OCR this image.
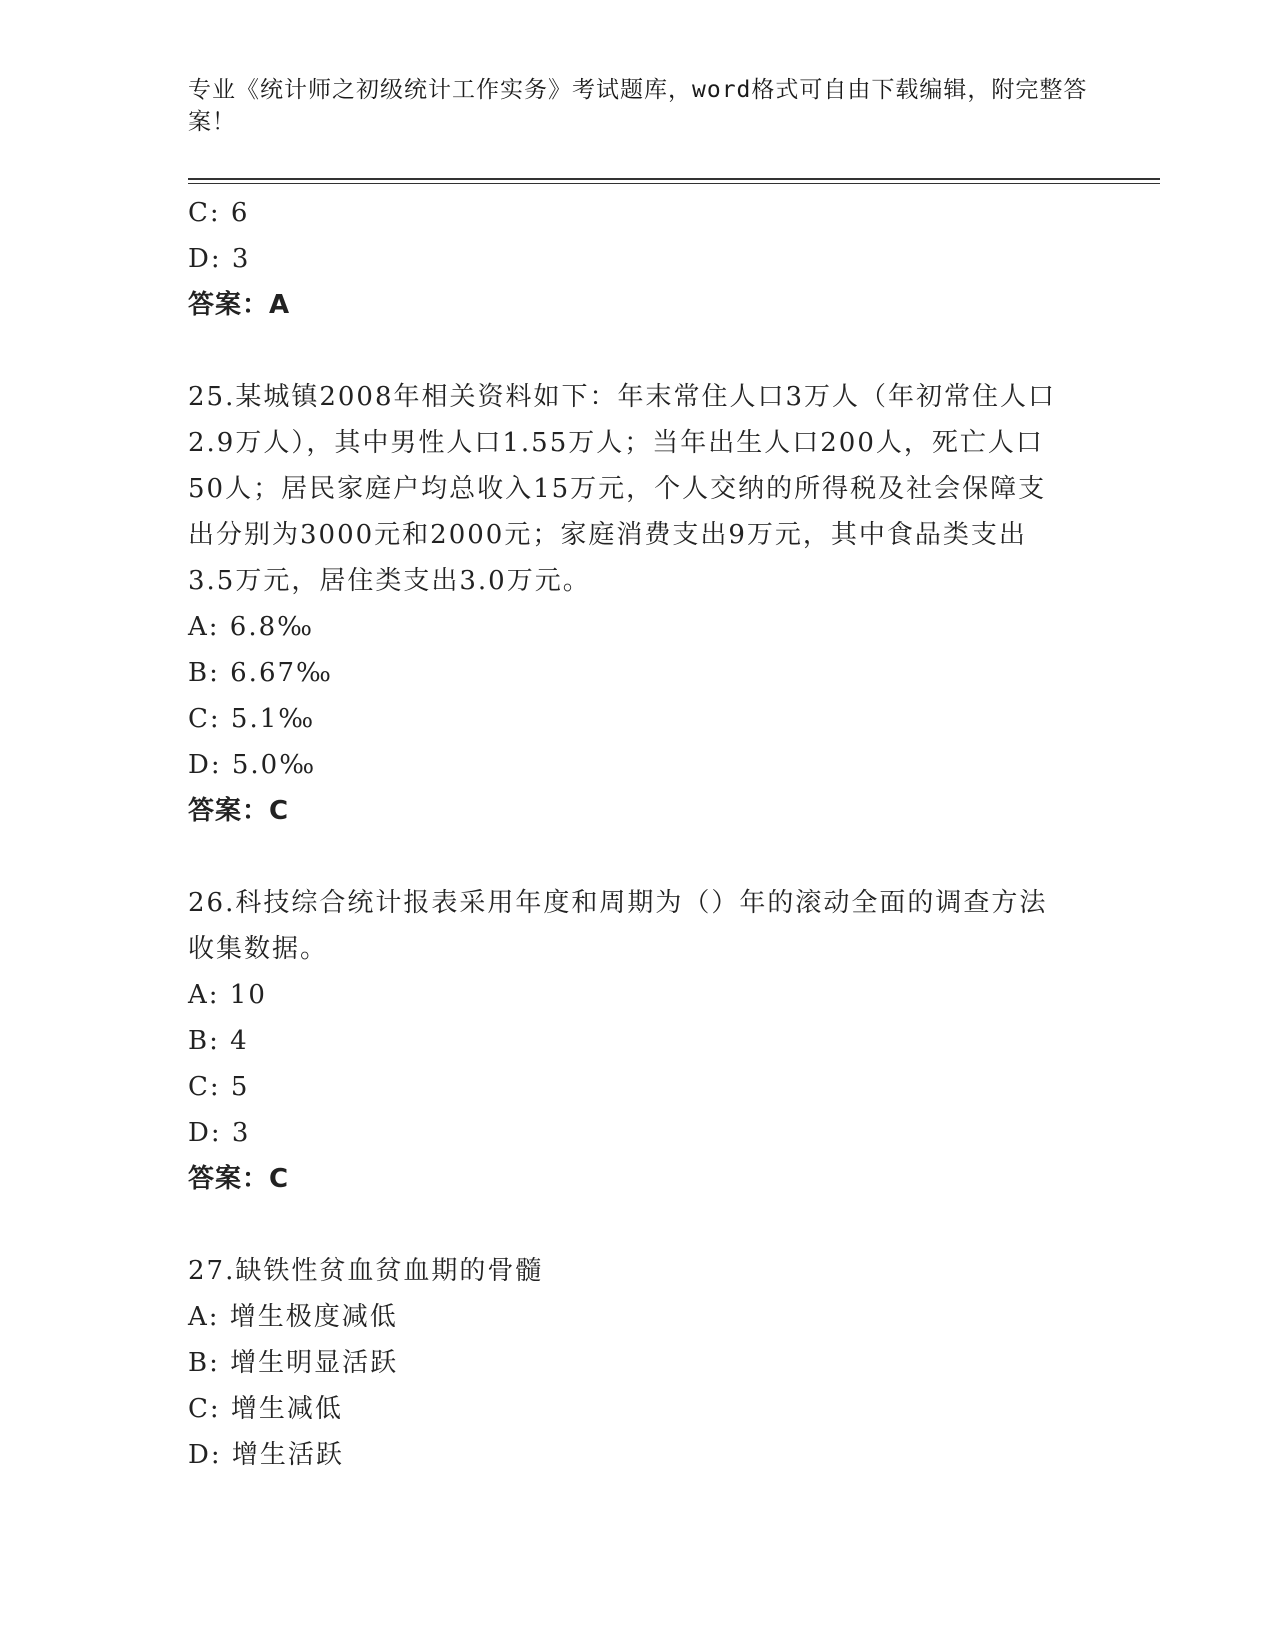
专业《统计师之初级统计工作实务》考试题库，word格式可自由下载编辑，附完整答案！
C: 6
D: 3
答案：A
25.某城镇2008年相关资料如下：年末常住人口3万人（年初常住人口2.9万人），其中男性人口1.55万人；当年出生人口200人，死亡人口50人；居民家庭户均总收入15万元，个人交纳的所得税及社会保障支出分别为3000元和2000元；家庭消费支出9万元，其中食品类支出3.5万元，居住类支出3.0万元。
A: 6.8‰
B: 6.67‰
C: 5.1‰
D: 5.0‰
答案：C
26.科技综合统计报表采用年度和周期为（）年的滚动全面的调查方法收集数据。
A: 10
B: 4
C: 5
D: 3
答案：C
27.缺铁性贫血贫血期的骨髓
A: 增生极度减低
B: 增生明显活跃
C: 增生减低
D: 增生活跃
